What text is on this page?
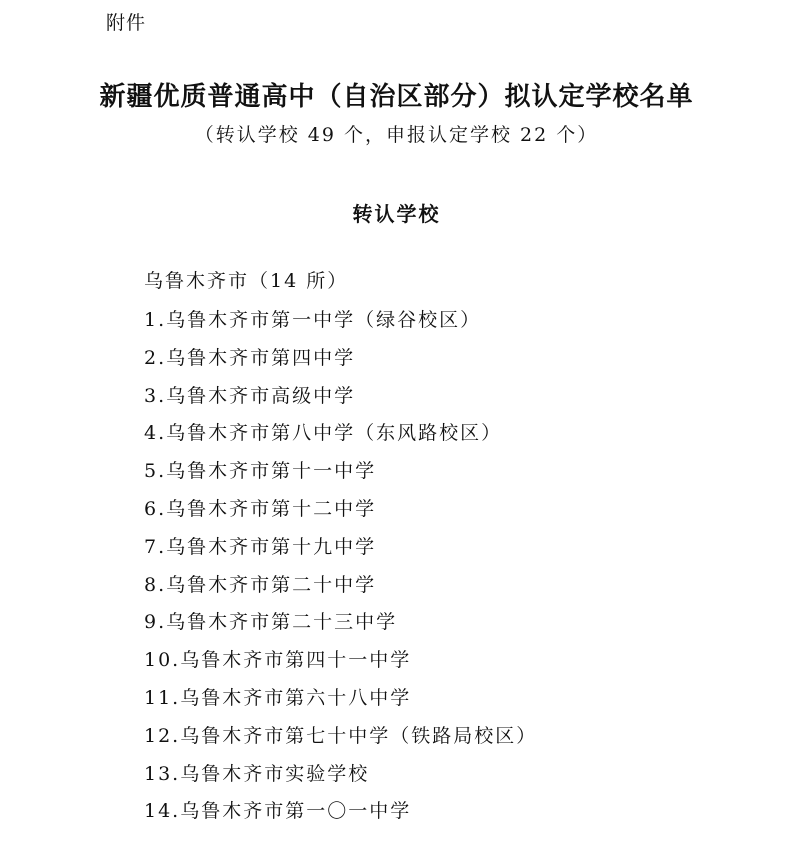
附件
新疆优质普通高中（自治区部分）拟认定学校名单
（转认学校 49 个，申报认定学校 22 个）
转认学校
乌鲁木齐市（14 所）
1.乌鲁木齐市第一中学（绿谷校区）
2.乌鲁木齐市第四中学
3.乌鲁木齐市高级中学
4.乌鲁木齐市第八中学（东风路校区）
5.乌鲁木齐市第十一中学
6.乌鲁木齐市第十二中学
7.乌鲁木齐市第十九中学
8.乌鲁木齐市第二十中学
9.乌鲁木齐市第二十三中学
10.乌鲁木齐市第四十一中学
11.乌鲁木齐市第六十八中学
12.乌鲁木齐市第七十中学（铁路局校区）
13.乌鲁木齐市实验学校
14.乌鲁木齐市第一〇一中学
